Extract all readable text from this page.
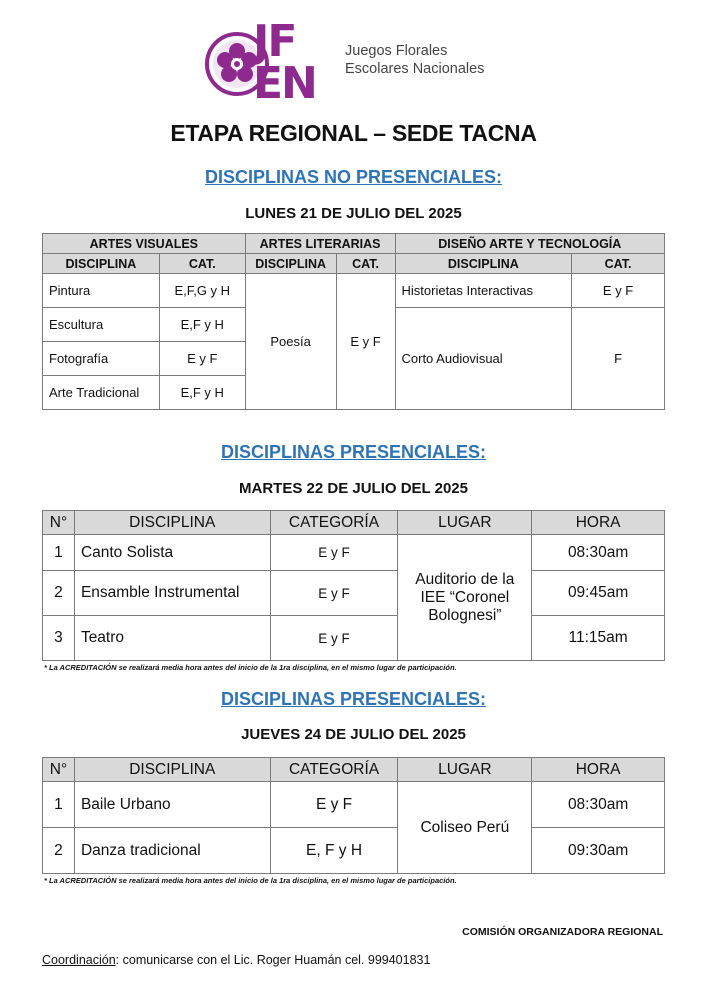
JF
EN
Juegos Florales
Escolares Nacionales
ETAPA REGIONAL – SEDE TACNA
DISCIPLINAS NO PRESENCIALES:
LUNES 21 DE JULIO DEL 2025
ARTES VISUALES		ARTES LITERARIAS		DISEÑO ARTE Y TECNOLOGÍA	
DISCIPLINA	CAT.	DISCIPLINA	CAT.	DISCIPLINA	CAT.
Pintura	E,F,G y H	Poesía	E y F	Historietas Interactivas	E y F
Escultura	E,F y H			Corto Audiovisual	F
Fotografía	E y F				
Arte Tradicional	E,F y H				
DISCIPLINAS PRESENCIALES:
MARTES 22 DE JULIO DEL 2025
N°	DISCIPLINA	CATEGORÍA	LUGAR	HORA
1	Canto Solista	E y F	Auditorio de la
IEE “Coronel
Bolognesi”	08:30am
2	Ensamble Instrumental	E y F		09:45am
3	Teatro	E y F		11:15am
* La ACREDITACIÓN se realizará media hora antes del inicio de la 1ra disciplina, en el mismo lugar de participación.
DISCIPLINAS PRESENCIALES:
JUEVES 24 DE JULIO DEL 2025
N°	DISCIPLINA	CATEGORÍA	LUGAR	HORA
1	Baile Urbano	E y F	Coliseo Perú	08:30am
2	Danza tradicional	E, F y H		09:30am
* La ACREDITACIÓN se realizará media hora antes del inicio de la 1ra disciplina, en el mismo lugar de participación.
COMISIÓN ORGANIZADORA REGIONAL
Coordinación: comunicarse con el Lic. Roger Huamán cel. 999401831
